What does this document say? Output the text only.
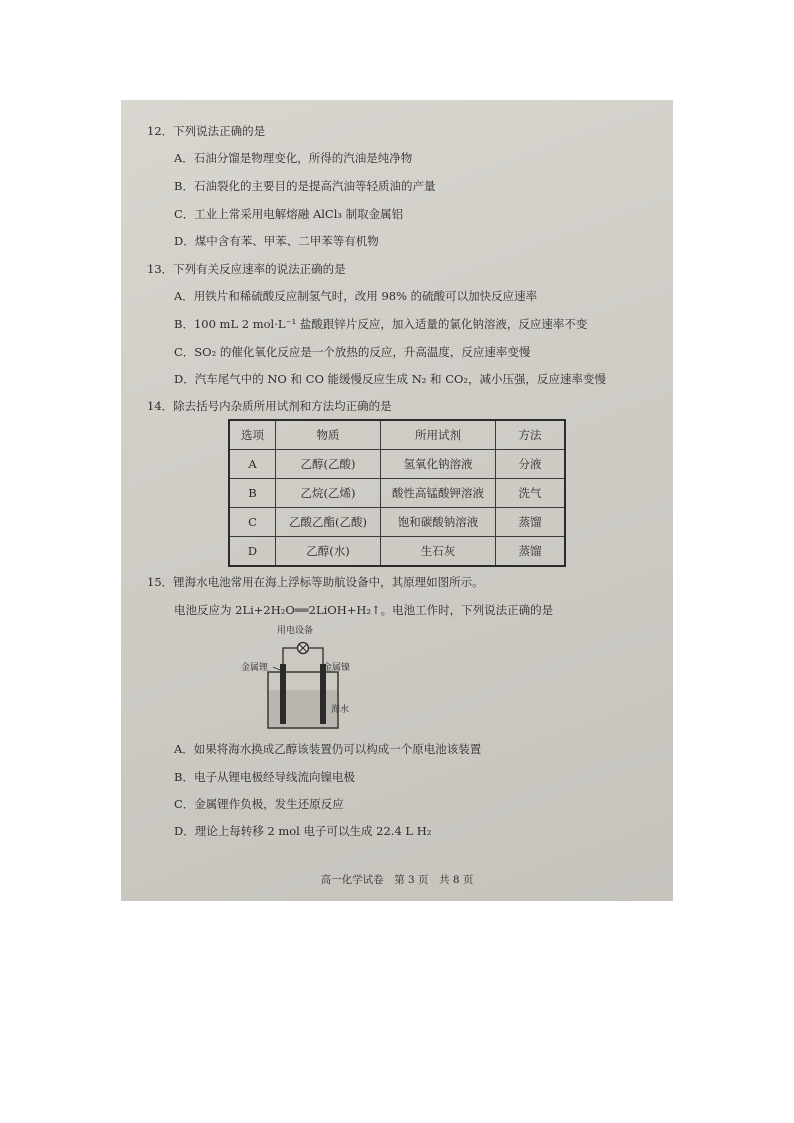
12．下列说法正确的是
A．石油分馏是物理变化，所得的汽油是纯净物
B．石油裂化的主要目的是提高汽油等轻质油的产量
C．工业上常采用电解熔融 AlCl₃ 制取金属铝
D．煤中含有苯、甲苯、二甲苯等有机物
13．下列有关反应速率的说法正确的是
A．用铁片和稀硫酸反应制氢气时，改用 98% 的硫酸可以加快反应速率
B．100 mL 2 mol·L⁻¹ 盐酸跟锌片反应，加入适量的氯化钠溶液，反应速率不变
C．SO₂ 的催化氧化反应是一个放热的反应，升高温度，反应速率变慢
D．汽车尾气中的 NO 和 CO 能缓慢反应生成 N₂ 和 CO₂，减小压强，反应速率变慢
14．除去括号内杂质所用试剂和方法均正确的是
选项	物质	所用试剂	方法
A	乙醇(乙酸)	氢氧化钠溶液	分液
B	乙烷(乙烯)	酸性高锰酸钾溶液	洗气
C	乙酸乙酯(乙酸)	饱和碳酸钠溶液	蒸馏
D	乙醇(水)	生石灰	蒸馏
15．锂海水电池常用在海上浮标等助航设备中，其原理如图所示。
电池反应为 2Li+2H₂O══2LiOH+H₂↑。电池工作时，下列说法正确的是
用电设备
金属锂	金属镍
海水
A．如果将海水换成乙醇该装置仍可以构成一个原电池该装置
B．电子从锂电极经导线流向镍电极
C．金属锂作负极，发生还原反应
D．理论上每转移 2 mol 电子可以生成 22.4 L H₂
高一化学试卷　第 3 页　共 8 页
